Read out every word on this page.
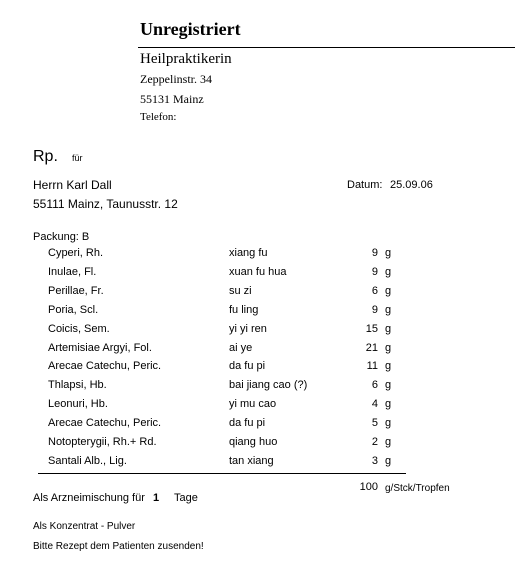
Unregistriert
Heilpraktikerin
Zeppelinstr. 34
55131 Mainz
Telefon:
Rp. für
Herrn Karl Dall	Datum: 25.09.06
55111 Mainz, Taunusstr. 12
Packung: B
Cyperi, Rh.	xiang fu	9 g
Inulae, Fl.	xuan fu hua	9 g
Perillae, Fr.	su zi	6 g
Poria, Scl.	fu ling	9 g
Coicis, Sem.	yi yi ren	15 g
Artemisiae Argyi, Fol.	ai ye	21 g
Arecae Catechu, Peric.	da fu pi	11 g
Thlapsi, Hb.	bai jiang cao (?)	6 g
Leonuri, Hb.	yi mu cao	4 g
Arecae Catechu, Peric.	da fu pi	5 g
Notopterygii, Rh.+ Rd.	qiang huo	2 g
Santali Alb., Lig.	tan xiang	3 g
100 g/Stck/Tropfen
Als Arzneimischung für 1 Tage
Als Konzentrat - Pulver
Bitte Rezept dem Patienten zusenden!
